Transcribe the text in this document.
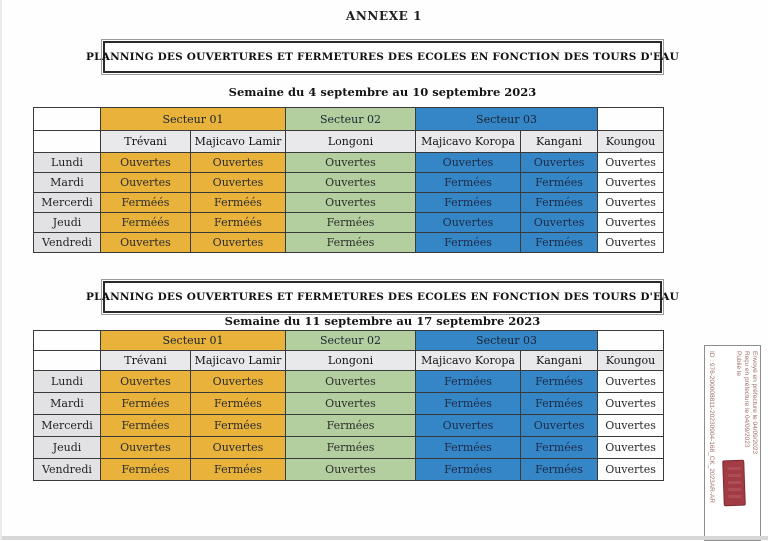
ANNEXE 1
PLANNING DES OUVERTURES ET FERMETURES DES ECOLES EN FONCTION DES TOURS D'EAU
Semaine du 4 septembre au 10 septembre 2023
	Secteur 01		Secteur 02	Secteur 03		
	Trévani	Majicavo Lamir	Longoni	Majicavo Koropa	Kangani	Koungou
Lundi	Ouvertes	Ouvertes	Ouvertes	Ouvertes	Ouvertes	Ouvertes
Mardi	Ouvertes	Ouvertes	Ouvertes	Fermées	Fermées	Ouvertes
Mercerdi	Ferméés	Ferméés	Ouvertes	Fermées	Fermées	Ouvertes
Jeudi	Ferméés	Ferméés	Fermées	Ouvertes	Ouvertes	Ouvertes
Vendredi	Ouvertes	Ouvertes	Fermées	Fermées	Fermées	Ouvertes
PLANNING DES OUVERTURES ET FERMETURES DES ECOLES EN FONCTION DES TOURS D'EAU
Semaine du 11 septembre au 17 septembre 2023
	Secteur 01		Secteur 02	Secteur 03		
	Trévani	Majicavo Lamir	Longoni	Majicavo Koropa	Kangani	Koungou
Lundi	Ouvertes	Ouvertes	Ouvertes	Fermées	Fermées	Ouvertes
Mardi	Fermées	Fermées	Ouvertes	Fermées	Fermées	Ouvertes
Mercerdi	Fermées	Fermées	Fermées	Ouvertes	Ouvertes	Ouvertes
Jeudi	Ouvertes	Ouvertes	Fermées	Fermées	Fermées	Ouvertes
Vendredi	Fermées	Fermées	Ouvertes	Fermées	Fermées	Ouvertes
Envoyé en préfecture le 04/09/2023
Reçu en préfecture le 04/09/2023
Publié le
ID : 976-200008811-20230904-168_CK_2023AR-AR
